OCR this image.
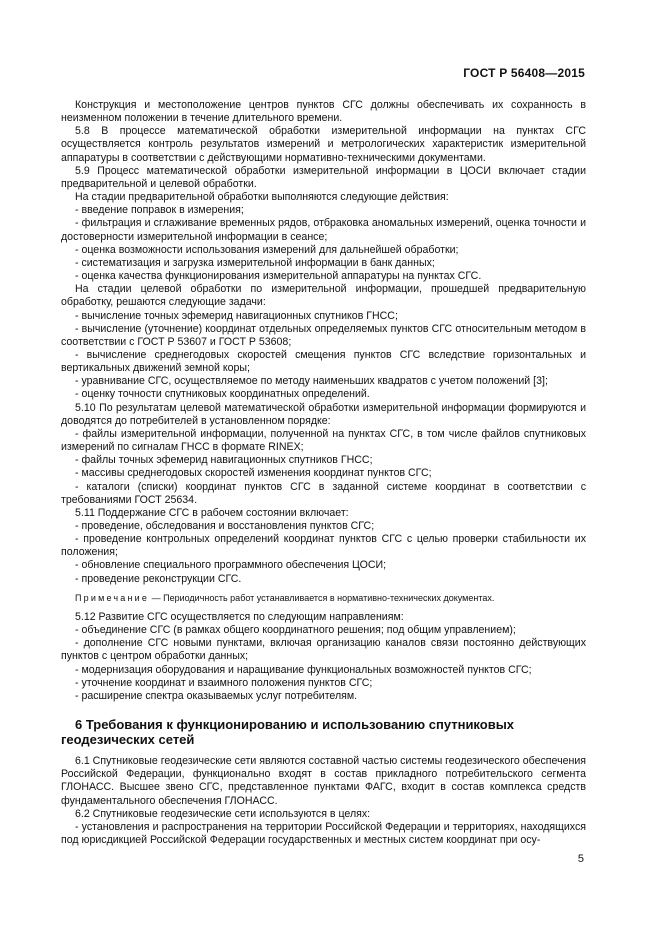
ГОСТ Р 56408—2015

Конструкция и местоположение центров пунктов СГС должны обеспечивать их сохранность в неизменном положении в течение длительного времени.

5.8 В процессе математической обработки измерительной информации на пунктах СГС осуществляется контроль результатов измерений и метрологических характеристик измерительной аппаратуры в соответствии с действующими нормативно-техническими документами.

5.9 Процесс математической обработки измерительной информации в ЦОСИ включает стадии предварительной и целевой обработки.

На стадии предварительной обработки выполняются следующие действия:

- введение поправок в измерения;

- фильтрация и сглаживание временных рядов, отбраковка аномальных измерений, оценка точности и достоверности измерительной информации в сеансе;

- оценка возможности использования измерений для дальнейшей обработки;

- систематизация и загрузка измерительной информации в банк данных;

- оценка качества функционирования измерительной аппаратуры на пунктах СГС.

На стадии целевой обработки по измерительной информации, прошедшей предварительную обработку, решаются следующие задачи:

- вычисление точных эфемерид навигационных спутников ГНСС;

- вычисление (уточнение) координат отдельных определяемых пунктов СГС относительным методом в соответствии с ГОСТ Р 53607 и ГОСТ Р 53608;

- вычисление среднегодовых скоростей смещения пунктов СГС вследствие горизонтальных и вертикальных движений земной коры;

- уравнивание СГС, осуществляемое по методу наименьших квадратов с учетом положений [3];

- оценку точности спутниковых координатных определений.

5.10 По результатам целевой математической обработки измерительной информации формируются и доводятся до потребителей в установленном порядке:

- файлы измерительной информации, полученной на пунктах СГС, в том числе файлов спутниковых измерений по сигналам ГНСС в формате RINEX;

- файлы точных эфемерид навигационных спутников ГНСС;

- массивы среднегодовых скоростей изменения координат пунктов СГС;

- каталоги (списки) координат пунктов СГС в заданной системе координат в соответствии с требованиями ГОСТ 25634.

5.11 Поддержание СГС в рабочем состоянии включает:

- проведение, обследования и восстановления пунктов СГС;

- проведение контрольных определений координат пунктов СГС с целью проверки стабильности их положения;

- обновление специального программного обеспечения ЦОСИ;

- проведение реконструкции СГС.

Примечание — Периодичность работ устанавливается в нормативно-технических документах.

5.12 Развитие СГС осуществляется по следующим направлениям:

- объединение СГС (в рамках общего координатного решения; под общим управлением);

- дополнение СГС новыми пунктами, включая организацию каналов связи постоянно действующих пунктов с центром обработки данных;

- модернизация оборудования и наращивание функциональных возможностей пунктов СГС;

- уточнение координат и взаимного положения пунктов СГС;

- расширение спектра оказываемых услуг потребителям.

6 Требования к функционированию и использованию спутниковых геодезических сетей

6.1 Спутниковые геодезические сети являются составной частью системы геодезического обеспечения Российской Федерации, функционально входят в состав прикладного потребительского сегмента ГЛОНАСС. Высшее звено СГС, представленное пунктами ФАГС, входит в состав комплекса средств фундаментального обеспечения ГЛОНАСС.

6.2 Спутниковые геодезические сети используются в целях:

- установления и распространения на территории Российской Федерации и территориях, находящихся под юрисдикцией Российской Федерации государственных и местных систем координат при осу-

5
